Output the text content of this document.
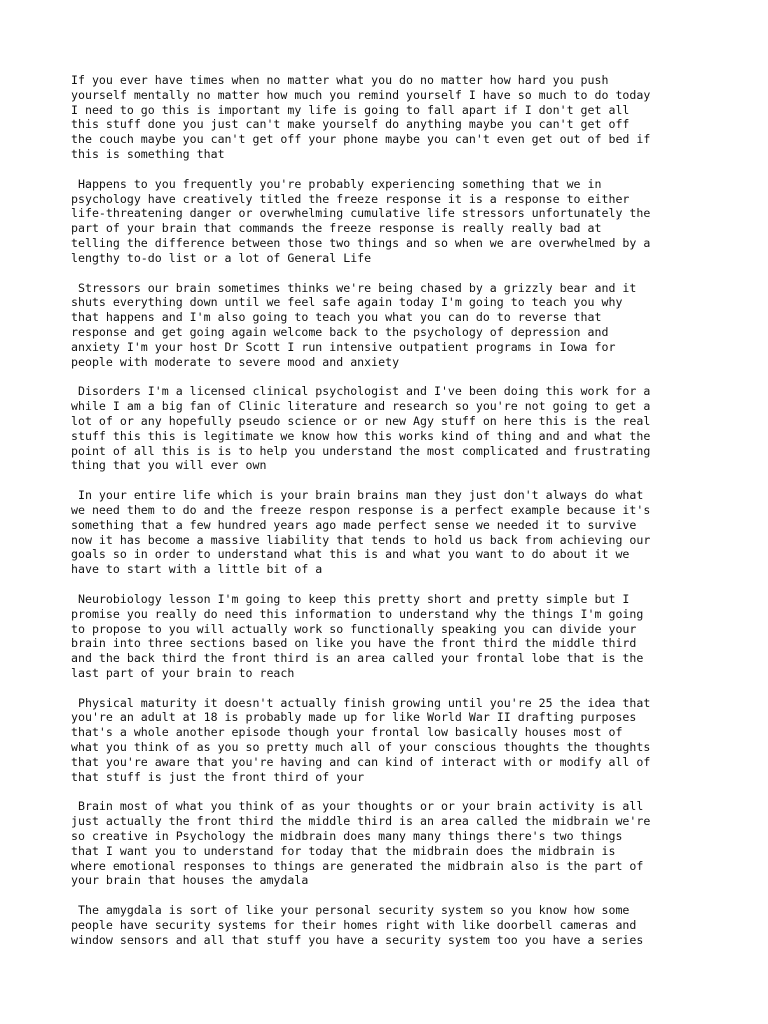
If you ever have times when no matter what you do no matter how hard you push
yourself mentally no matter how much you remind yourself I have so much to do today
I need to go this is important my life is going to fall apart if I don't get all
this stuff done you just can't make yourself do anything maybe you can't get off
the couch maybe you can't get off your phone maybe you can't even get out of bed if
this is something that

Happens to you frequently you're probably experiencing something that we in
psychology have creatively titled the freeze response it is a response to either
life-threatening danger or overwhelming cumulative life stressors unfortunately the
part of your brain that commands the freeze response is really really bad at
telling the difference between those two things and so when we are overwhelmed by a
lengthy to-do list or a lot of General Life

Stressors our brain sometimes thinks we're being chased by a grizzly bear and it
shuts everything down until we feel safe again today I'm going to teach you why
that happens and I'm also going to teach you what you can do to reverse that
response and get going again welcome back to the psychology of depression and
anxiety I'm your host Dr Scott I run intensive outpatient programs in Iowa for
people with moderate to severe mood and anxiety

Disorders I'm a licensed clinical psychologist and I've been doing this work for a
while I am a big fan of Clinic literature and research so you're not going to get a
lot of or any hopefully pseudo science or or new Agy stuff on here this is the real
stuff this this is legitimate we know how this works kind of thing and and what the
point of all this is is to help you understand the most complicated and frustrating
thing that you will ever own

In your entire life which is your brain brains man they just don't always do what
we need them to do and the freeze respon response is a perfect example because it's
something that a few hundred years ago made perfect sense we needed it to survive
now it has become a massive liability that tends to hold us back from achieving our
goals so in order to understand what this is and what you want to do about it we
have to start with a little bit of a

Neurobiology lesson I'm going to keep this pretty short and pretty simple but I
promise you really do need this information to understand why the things I'm going
to propose to you will actually work so functionally speaking you can divide your
brain into three sections based on like you have the front third the middle third
and the back third the front third is an area called your frontal lobe that is the
last part of your brain to reach

Physical maturity it doesn't actually finish growing until you're 25 the idea that
you're an adult at 18 is probably made up for like World War II drafting purposes
that's a whole another episode though your frontal low basically houses most of
what you think of as you so pretty much all of your conscious thoughts the thoughts
that you're aware that you're having and can kind of interact with or modify all of
that stuff is just the front third of your

Brain most of what you think of as your thoughts or or your brain activity is all
just actually the front third the middle third is an area called the midbrain we're
so creative in Psychology the midbrain does many many things there's two things
that I want you to understand for today that the midbrain does the midbrain is
where emotional responses to things are generated the midbrain also is the part of
your brain that houses the amydala

The amygdala is sort of like your personal security system so you know how some
people have security systems for their homes right with like doorbell cameras and
window sensors and all that stuff you have a security system too you have a series
